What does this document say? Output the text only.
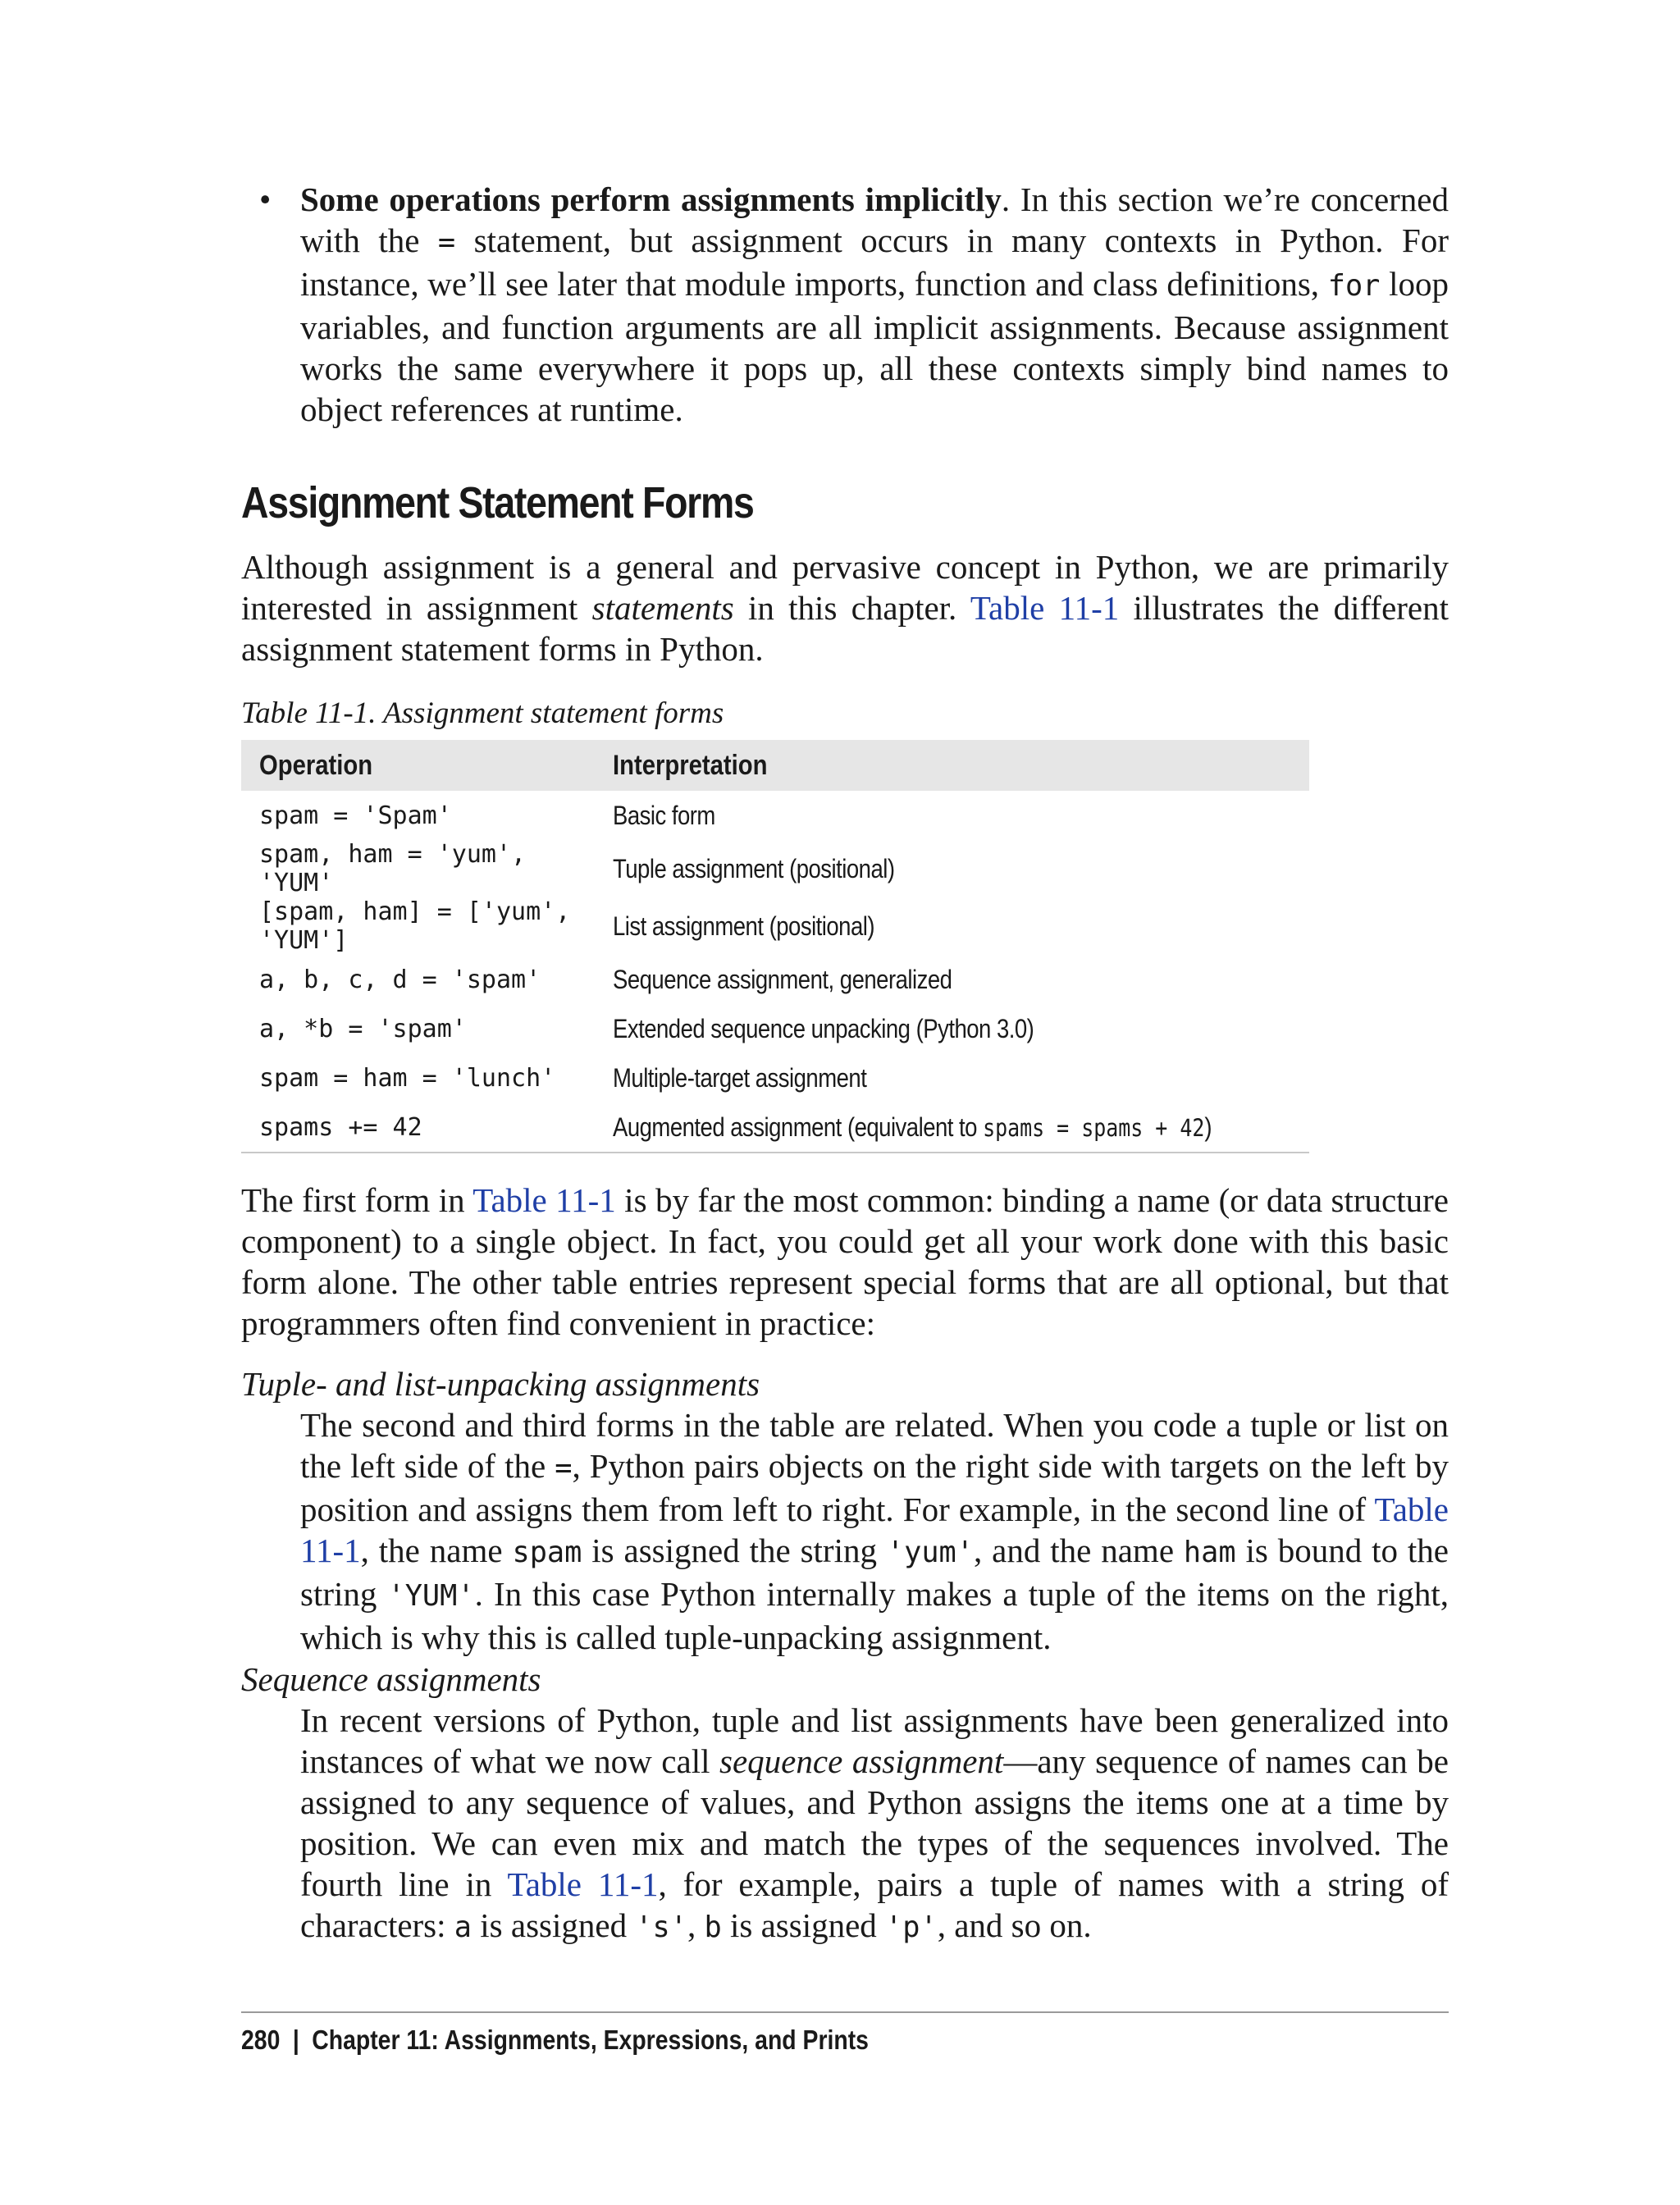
• Some operations perform assignments implicitly. In this section we’re concerned with the = statement, but assignment occurs in many contexts in Python. For instance, we’ll see later that module imports, function and class definitions, for loop variables, and function arguments are all implicit assignments. Because assignment works the same everywhere it pops up, all these contexts simply bind names to object references at runtime.
Assignment Statement Forms
Although assignment is a general and pervasive concept in Python, we are primarily interested in assignment statements in this chapter. Table 11-1 illustrates the different assignment statement forms in Python.
Table 11-1. Assignment statement forms
Operation	Interpretation
spam = 'Spam'	Basic form
spam, ham = 'yum', 'YUM'	Tuple assignment (positional)
[spam, ham] = ['yum', 'YUM']	List assignment (positional)
a, b, c, d = 'spam'	Sequence assignment, generalized
a, *b = 'spam'	Extended sequence unpacking (Python 3.0)
spam = ham = 'lunch'	Multiple-target assignment
spams += 42	Augmented assignment (equivalent to spams = spams + 42)
The first form in Table 11-1 is by far the most common: binding a name (or data structure component) to a single object. In fact, you could get all your work done with this basic form alone. The other table entries represent special forms that are all optional, but that programmers often find convenient in practice:
Tuple- and list-unpacking assignments
The second and third forms in the table are related. When you code a tuple or list on the left side of the =, Python pairs objects on the right side with targets on the left by position and assigns them from left to right. For example, in the second line of Table 11-1, the name spam is assigned the string 'yum', and the name ham is bound to the string 'YUM'. In this case Python internally makes a tuple of the items on the right, which is why this is called tuple-unpacking assignment.
Sequence assignments
In recent versions of Python, tuple and list assignments have been generalized into instances of what we now call sequence assignment—any sequence of names can be assigned to any sequence of values, and Python assigns the items one at a time by position. We can even mix and match the types of the sequences involved. The fourth line in Table 11-1, for example, pairs a tuple of names with a string of characters: a is assigned 's', b is assigned 'p', and so on.
280 | Chapter 11: Assignments, Expressions, and Prints
